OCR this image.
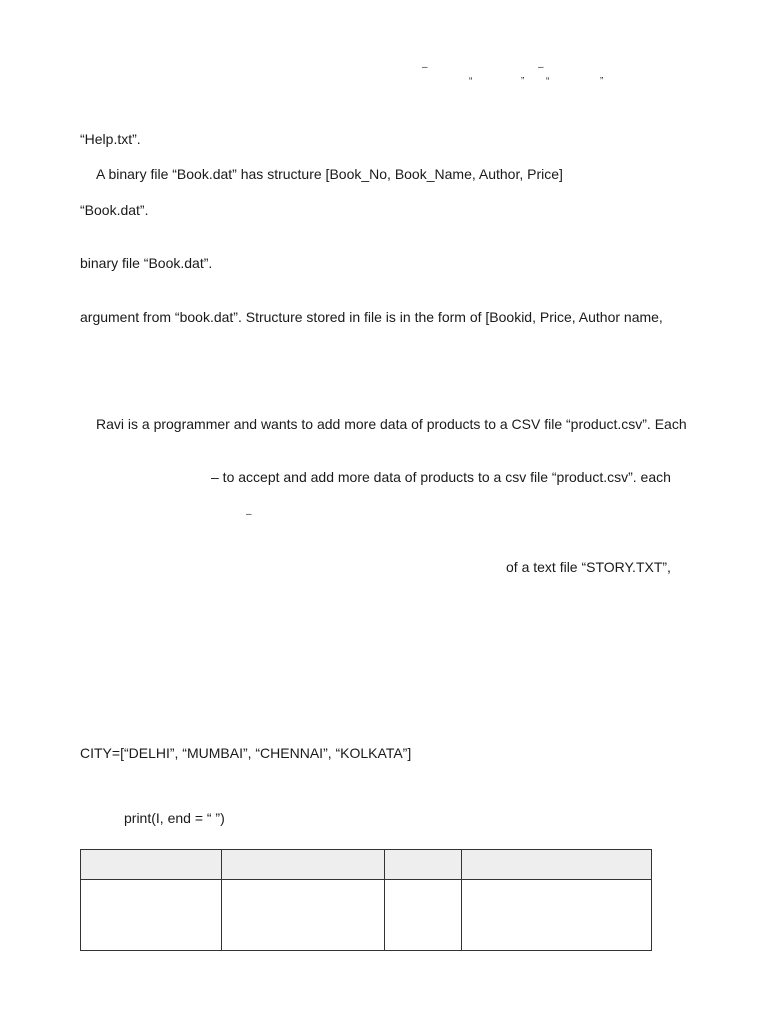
–	–
“	” “	”
“Help.txt”.
A binary file “Book.dat” has structure [Book_No, Book_Name, Author, Price]
“Book.dat”.
binary file “Book.dat”.
argument from “book.dat”. Structure stored in file is in the form of [Bookid, Price, Author name,
Ravi is a programmer and wants to add more data of products to a CSV file “product.csv”. Each
– to accept and add more data of products to a csv file “product.csv”. each
–
of a text file “STORY.TXT”,
CITY=[“DELHI”, “MUMBAI”, “CHENNAI”, “KOLKATA”]
print(I, end = “ ”)
